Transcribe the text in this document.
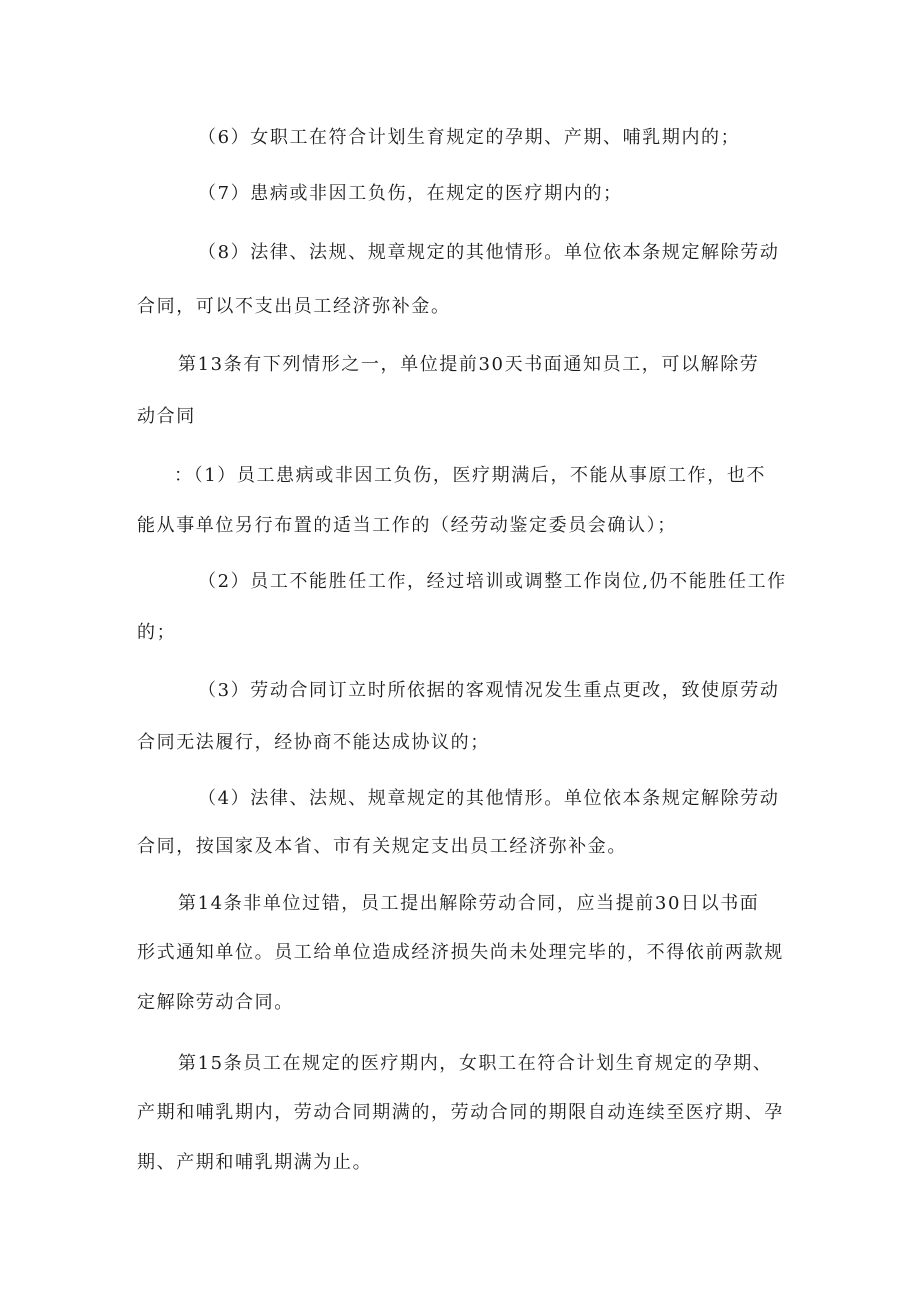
（6）女职工在符合计划生育规定的孕期、产期、哺乳期内的；
（7）患病或非因工负伤，在规定的医疗期内的；
（8）法律、法规、规章规定的其他情形。单位依本条规定解除劳动
合同，可以不支出员工经济弥补金。
第13条有下列情形之一，单位提前30天书面通知员工，可以解除劳
动合同
：（1）员工患病或非因工负伤，医疗期满后，不能从事原工作，也不
能从事单位另行布置的适当工作的（经劳动鉴定委员会确认）；
（2）员工不能胜任工作，经过培训或调整工作岗位,仍不能胜任工作
的；
（3）劳动合同订立时所依据的客观情况发生重点更改，致使原劳动
合同无法履行，经协商不能达成协议的；
（4）法律、法规、规章规定的其他情形。单位依本条规定解除劳动
合同，按国家及本省、市有关规定支出员工经济弥补金。
第14条非单位过错，员工提出解除劳动合同，应当提前30日以书面
形式通知单位。员工给单位造成经济损失尚未处理完毕的，不得依前两款规
定解除劳动合同。
第15条员工在规定的医疗期内，女职工在符合计划生育规定的孕期、
产期和哺乳期内，劳动合同期满的，劳动合同的期限自动连续至医疗期、孕
期、产期和哺乳期满为止。
